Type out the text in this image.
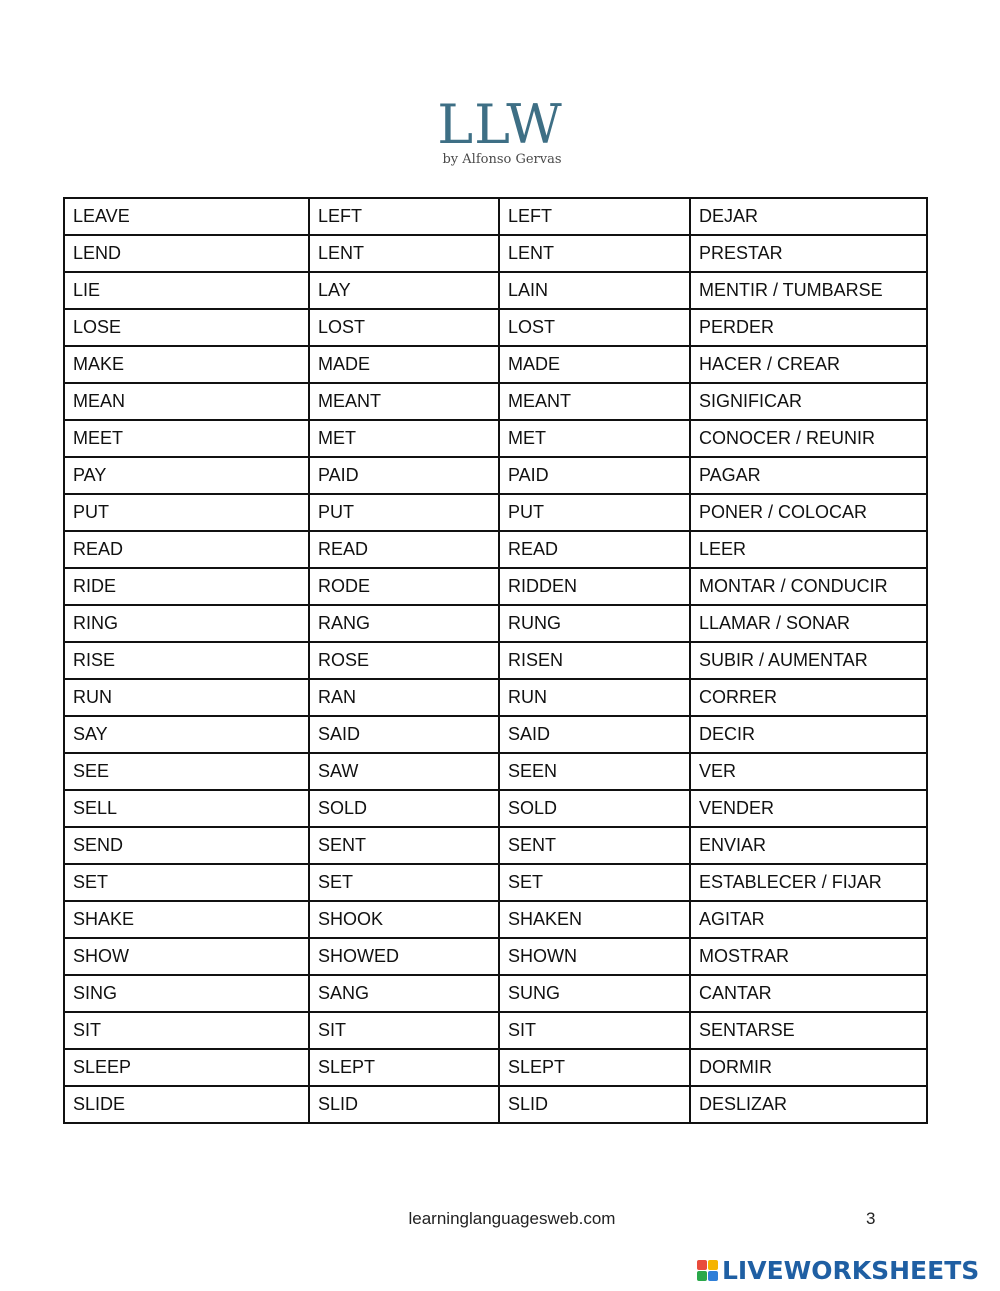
LLW
by Alfonso Gervas
LEAVE	LEFT	LEFT	DEJAR
LEND	LENT	LENT	PRESTAR
LIE	LAY	LAIN	MENTIR / TUMBARSE
LOSE	LOST	LOST	PERDER
MAKE	MADE	MADE	HACER / CREAR
MEAN	MEANT	MEANT	SIGNIFICAR
MEET	MET	MET	CONOCER / REUNIR
PAY	PAID	PAID	PAGAR
PUT	PUT	PUT	PONER / COLOCAR
READ	READ	READ	LEER
RIDE	RODE	RIDDEN	MONTAR / CONDUCIR
RING	RANG	RUNG	LLAMAR / SONAR
RISE	ROSE	RISEN	SUBIR / AUMENTAR
RUN	RAN	RUN	CORRER
SAY	SAID	SAID	DECIR
SEE	SAW	SEEN	VER
SELL	SOLD	SOLD	VENDER
SEND	SENT	SENT	ENVIAR
SET	SET	SET	ESTABLECER / FIJAR
SHAKE	SHOOK	SHAKEN	AGITAR
SHOW	SHOWED	SHOWN	MOSTRAR
SING	SANG	SUNG	CANTAR
SIT	SIT	SIT	SENTARSE
SLEEP	SLEPT	SLEPT	DORMIR
SLIDE	SLID	SLID	DESLIZAR
learninglanguagesweb.com	3
LIVEWORKSHEETS
